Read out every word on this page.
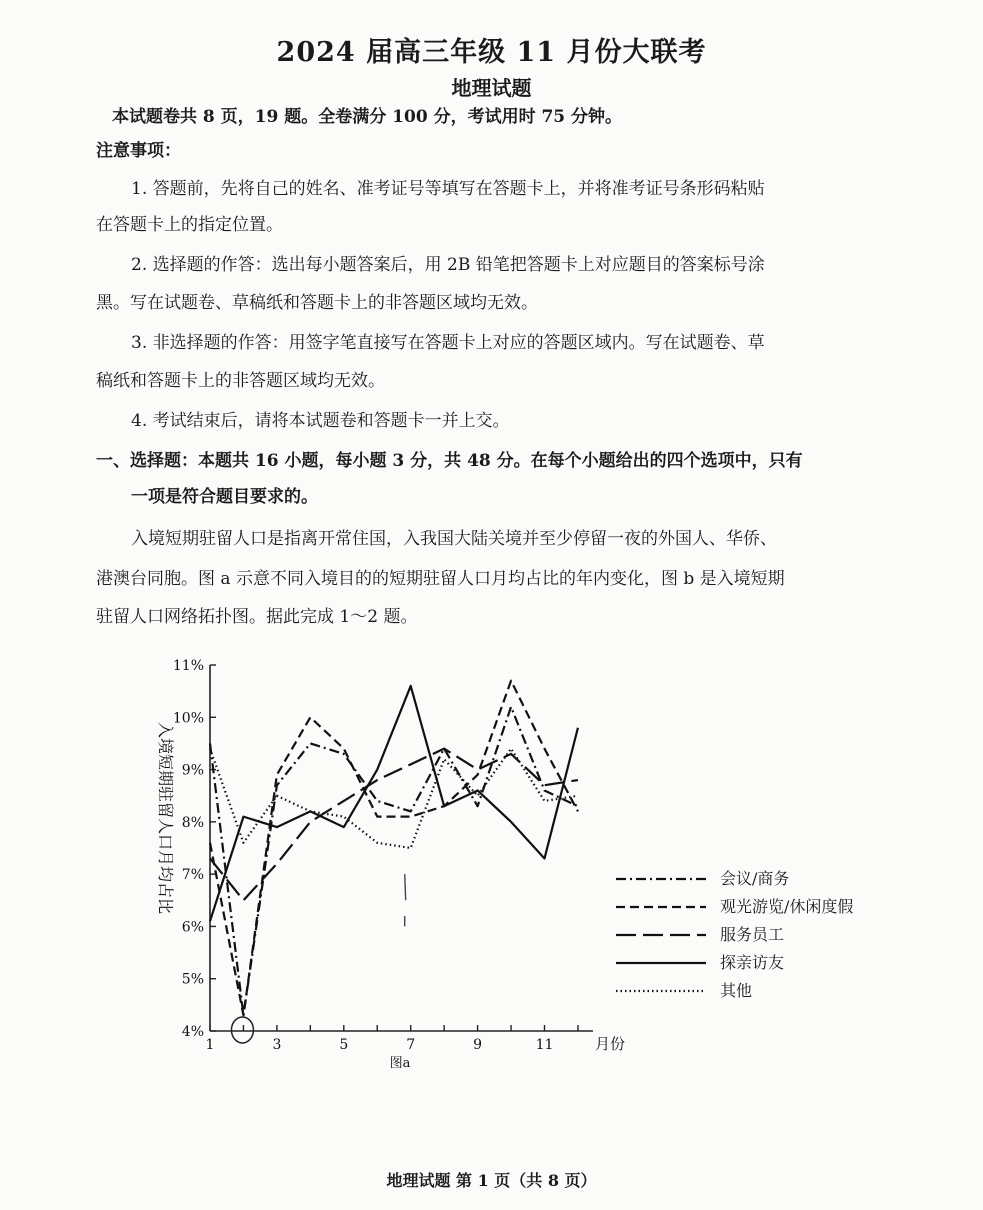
2024 届高三年级 11 月份大联考
地理试题
本试题卷共 8 页，19 题。全卷满分 100 分，考试用时 75 分钟。
注意事项：
1. 答题前，先将自己的姓名、准考证号等填写在答题卡上，并将准考证号条形码粘贴
在答题卡上的指定位置。
2. 选择题的作答：选出每小题答案后，用 2B 铅笔把答题卡上对应题目的答案标号涂
黑。写在试题卷、草稿纸和答题卡上的非答题区域均无效。
3. 非选择题的作答：用签字笔直接写在答题卡上对应的答题区域内。写在试题卷、草
稿纸和答题卡上的非答题区域均无效。
4. 考试结束后，请将本试题卷和答题卡一并上交。
一、选择题：本题共 16 小题，每小题 3 分，共 48 分。在每个小题给出的四个选项中，只有
一项是符合题目要求的。
入境短期驻留人口是指离开常住国，入我国大陆关境并至少停留一夜的外国人、华侨、
港澳台同胞。图 a 示意不同入境目的的短期驻留人口月均占比的年内变化，图 b 是入境短期
驻留人口网络拓扑图。据此完成 1～2 题。
4%
5%
6%
7%
8%
9%
10%
11%
1	3	5	7	9	11	月份
入境短期驻留人口月均占比
图a
会议/商务
观光游览/休闲度假
服务员工
探亲访友
其他
地理试题 第 1 页（共 8 页）
